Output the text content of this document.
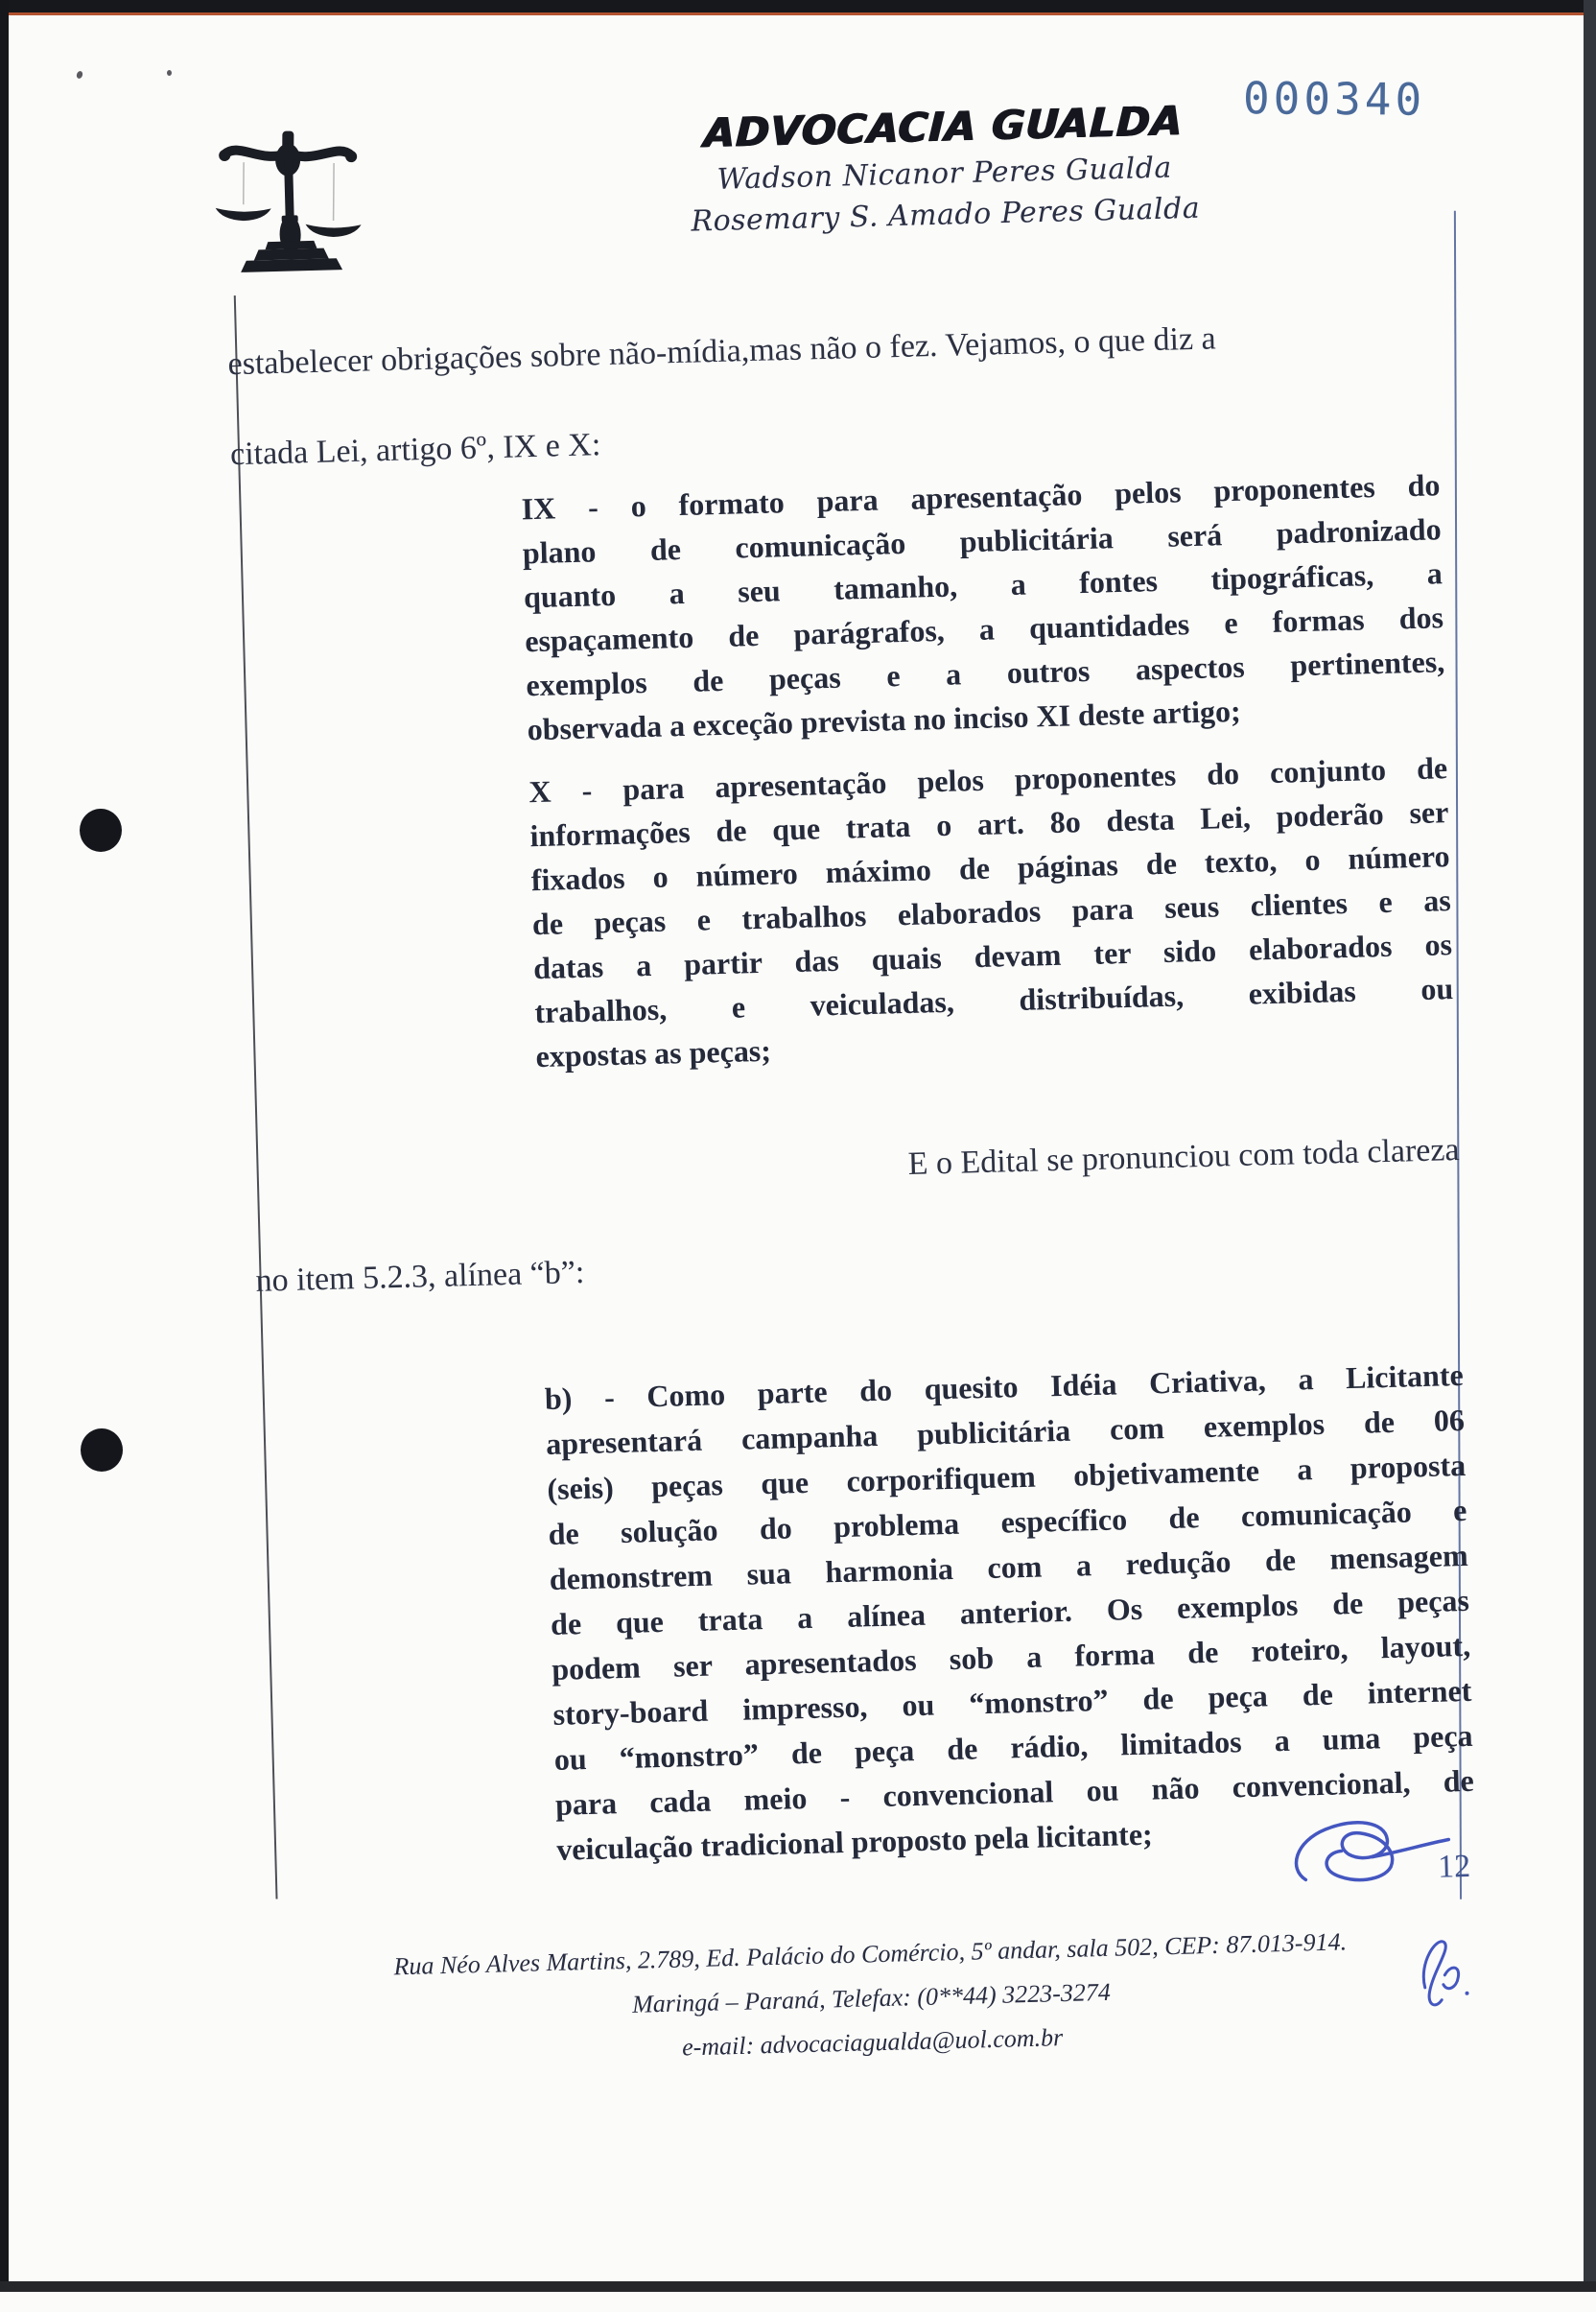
000340
ADVOCACIA GUALDA
Wadson Nicanor Peres Gualda
Rosemary S. Amado Peres Gualda
estabelecer obrigações sobre não-mídia,mas não o fez. Vejamos, o que diz a
citada Lei, artigo 6º, IX e X:
IX - o formato para apresentação pelos proponentes do
plano de comunicação publicitária será padronizado
quanto a seu tamanho, a fontes tipográficas, a
espaçamento de parágrafos, a quantidades e formas dos
exemplos de peças e a outros aspectos pertinentes,
observada a exceção prevista no inciso XI deste artigo;
X - para apresentação pelos proponentes do conjunto de
informações de que trata o art. 8o desta Lei, poderão ser
fixados o número máximo de páginas de texto, o número
de peças e trabalhos elaborados para seus clientes e as
datas a partir das quais devam ter sido elaborados os
trabalhos, e veiculadas, distribuídas, exibidas ou
expostas as peças;
E o Edital se pronunciou com toda clareza
no item 5.2.3, alínea “b”:
b) - Como parte do quesito Idéia Criativa, a Licitante
apresentará campanha publicitária com exemplos de 06
(seis) peças que corporifiquem objetivamente a proposta
de solução do problema específico de comunicação e
demonstrem sua harmonia com a redução de mensagem
de que trata a alínea anterior. Os exemplos de peças
podem ser apresentados sob a forma de roteiro, layout,
story-board impresso, ou “monstro” de peça de internet
ou “monstro” de peça de rádio, limitados a uma peça
para cada meio - convencional ou não convencional, de
veiculação tradicional proposto pela licitante;
12
Rua Néo Alves Martins, 2.789, Ed. Palácio do Comércio, 5º andar, sala 502, CEP: 87.013-914.
Maringá – Paraná, Telefax: (0**44) 3223-3274
e-mail: advocaciagualda@uol.com.br
